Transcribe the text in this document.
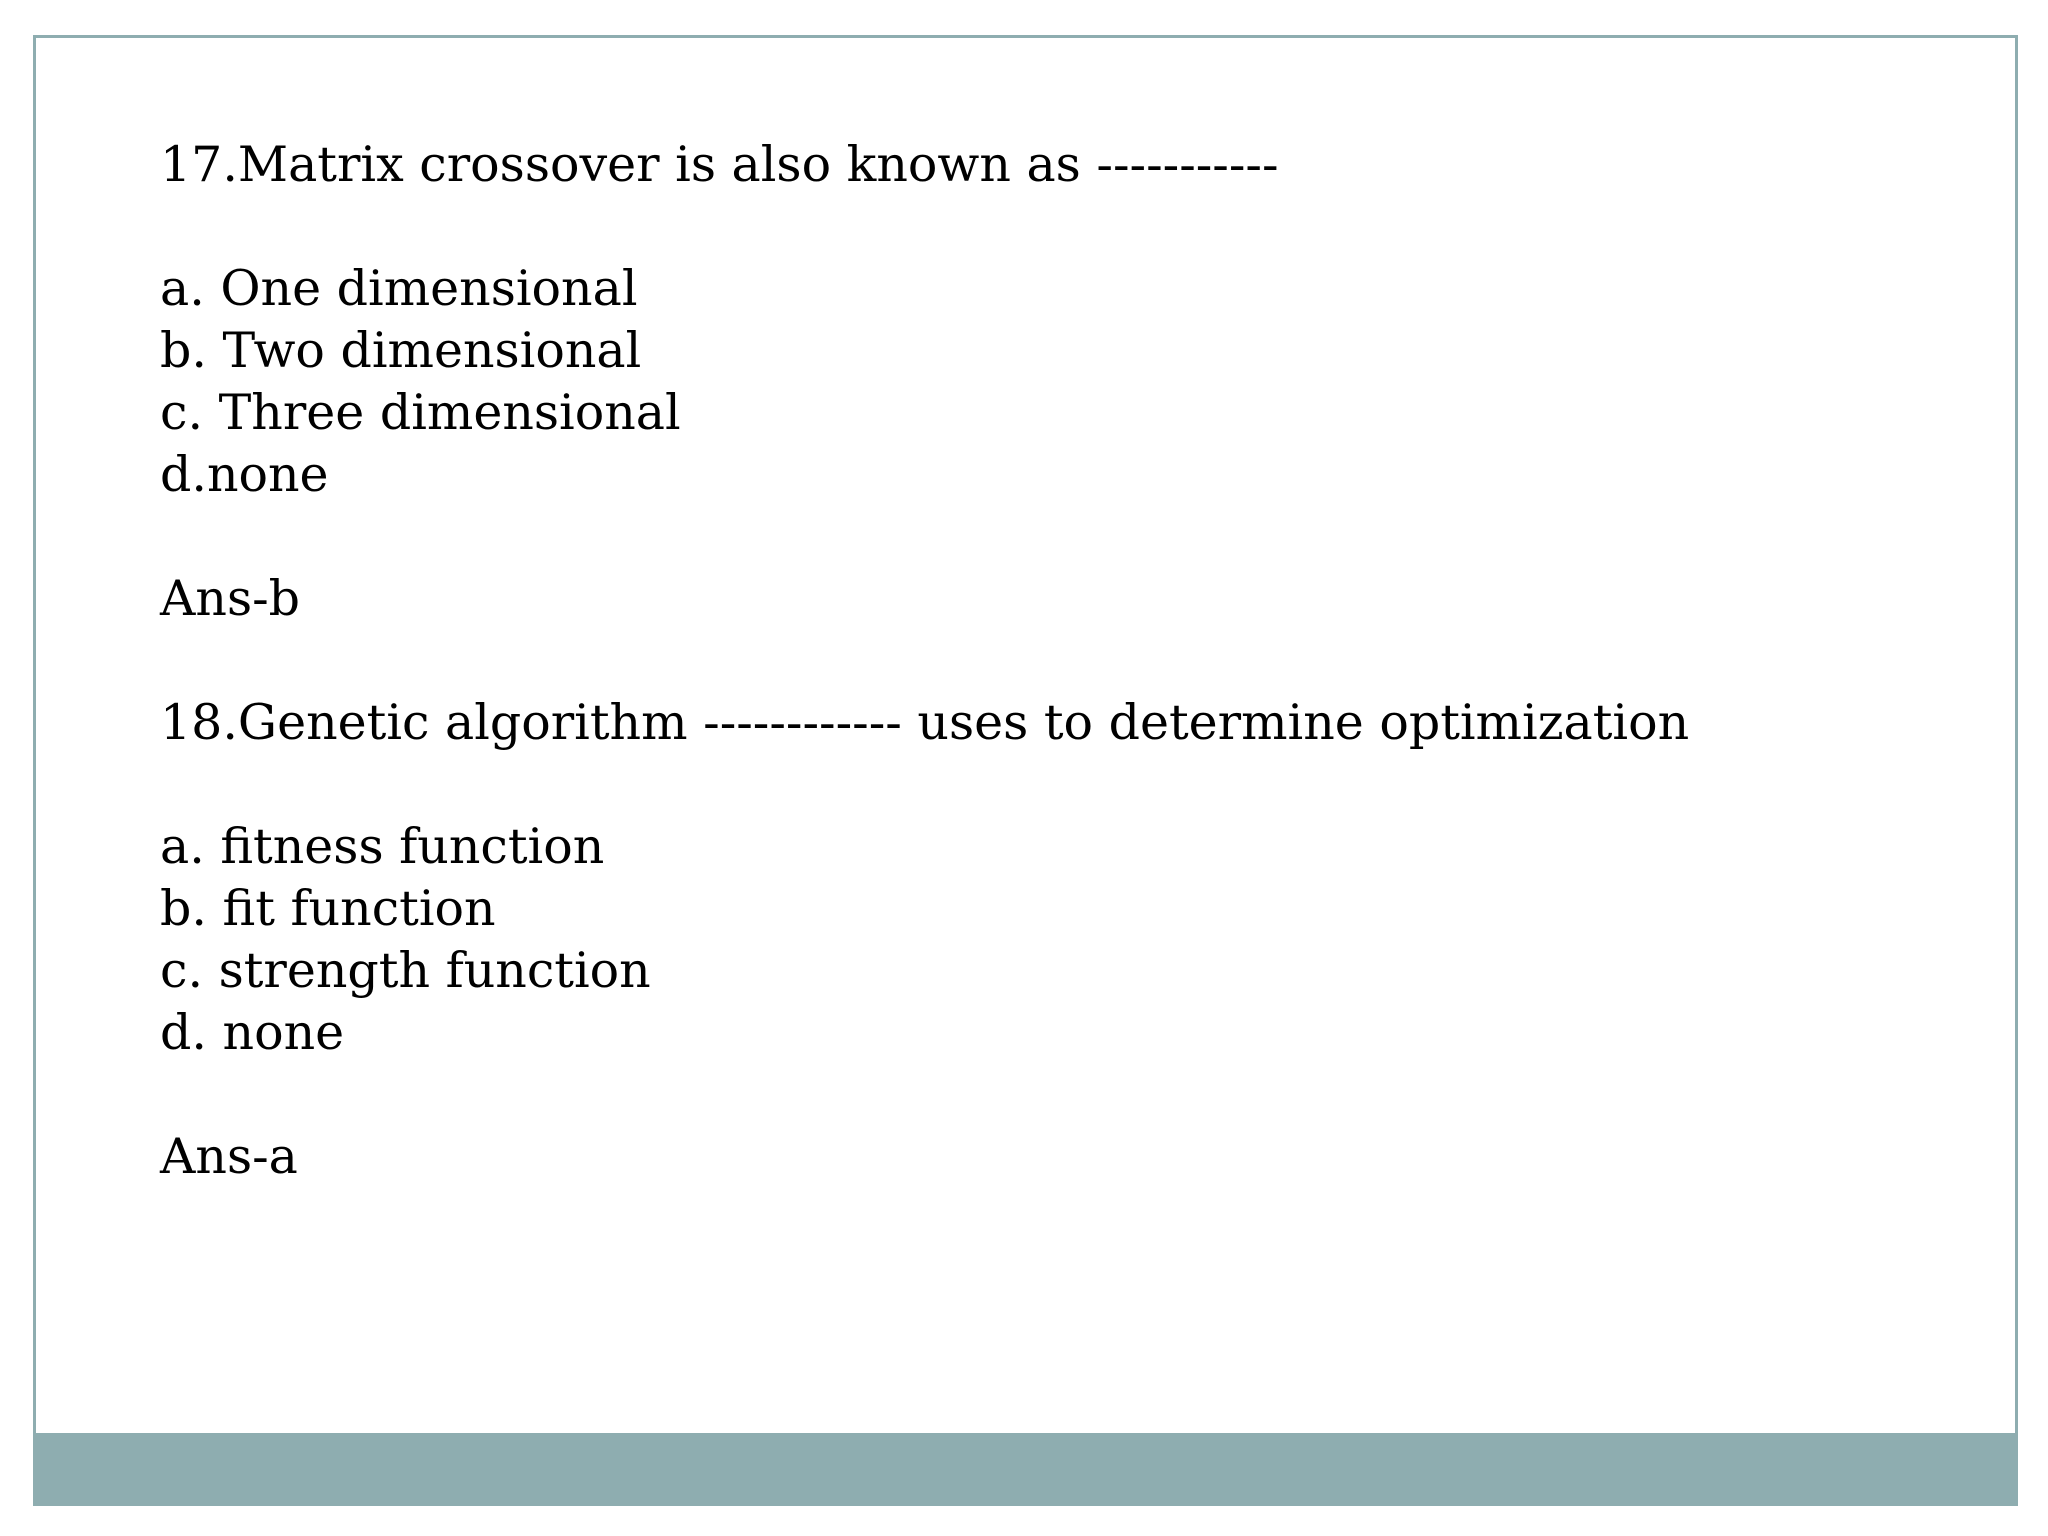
17.Matrix crossover is also known as -----------
a. One dimensional
b. Two dimensional
c. Three dimensional
d.none
Ans-b
18.Genetic algorithm ------------ uses to determine optimization
a. fitness function
b. fit function
c. strength function
d. none
Ans-a
